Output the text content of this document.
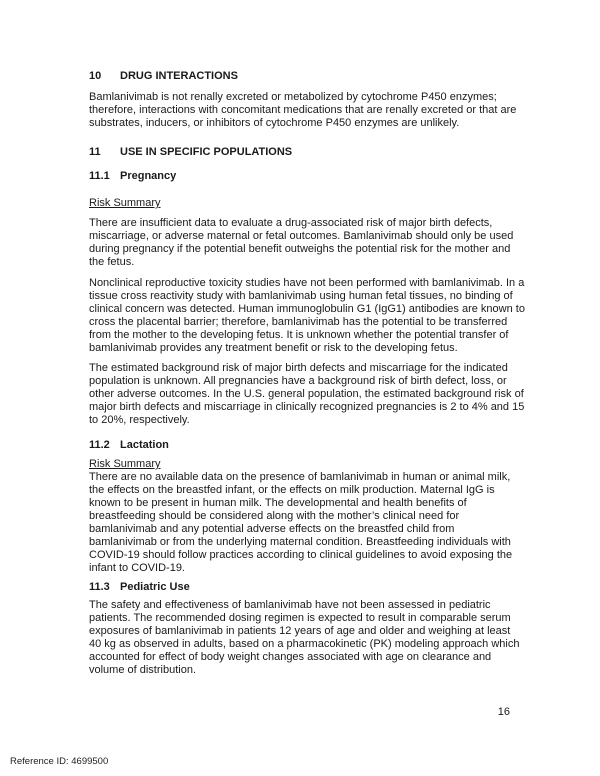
10	DRUG INTERACTIONS

Bamlanivimab is not renally excreted or metabolized by cytochrome P450 enzymes; therefore, interactions with concomitant medications that are renally excreted or that are substrates, inducers, or inhibitors of cytochrome P450 enzymes are unlikely.

11	USE IN SPECIFIC POPULATIONS
11.1 Pregnancy
Risk Summary

There are insufficient data to evaluate a drug-associated risk of major birth defects, miscarriage, or adverse maternal or fetal outcomes. Bamlanivimab should only be used during pregnancy if the potential benefit outweighs the potential risk for the mother and the fetus.

Nonclinical reproductive toxicity studies have not been performed with bamlanivimab. In a tissue cross reactivity study with bamlanivimab using human fetal tissues, no binding of clinical concern was detected. Human immunoglobulin G1 (IgG1) antibodies are known to cross the placental barrier; therefore, bamlanivimab has the potential to be transferred from the mother to the developing fetus. It is unknown whether the potential transfer of bamlanivimab provides any treatment benefit or risk to the developing fetus.

The estimated background risk of major birth defects and miscarriage for the indicated population is unknown. All pregnancies have a background risk of birth defect, loss, or other adverse outcomes. In the U.S. general population, the estimated background risk of major birth defects and miscarriage in clinically recognized pregnancies is 2 to 4% and 15 to 20%, respectively.

11.2 Lactation
Risk Summary

There are no available data on the presence of bamlanivimab in human or animal milk, the effects on the breastfed infant, or the effects on milk production. Maternal IgG is known to be present in human milk. The developmental and health benefits of breastfeeding should be considered along with the mother’s clinical need for bamlanivimab and any potential adverse effects on the breastfed child from bamlanivimab or from the underlying maternal condition. Breastfeeding individuals with COVID-19 should follow practices according to clinical guidelines to avoid exposing the infant to COVID-19.

11.3 Pediatric Use

The safety and effectiveness of bamlanivimab have not been assessed in pediatric patients. The recommended dosing regimen is expected to result in comparable serum exposures of bamlanivimab in patients 12 years of age and older and weighing at least 40 kg as observed in adults, based on a pharmacokinetic (PK) modeling approach which accounted for effect of body weight changes associated with age on clearance and volume of distribution.

16
Reference ID: 4699500
